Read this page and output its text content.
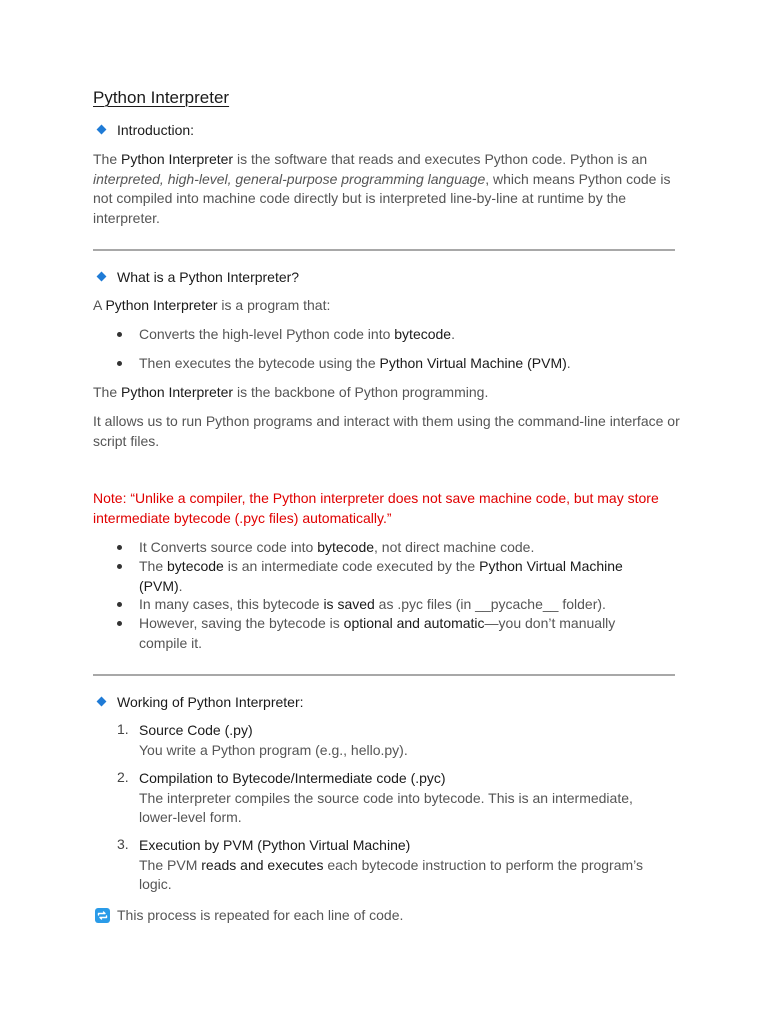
Python Interpreter
Introduction:
The Python Interpreter is the software that reads and executes Python code. Python is an interpreted, high-level, general-purpose programming language, which means Python code is not compiled into machine code directly but is interpreted line-by-line at runtime by the interpreter.
What is a Python Interpreter?
A Python Interpreter is a program that:
Converts the high-level Python code into bytecode.
Then executes the bytecode using the Python Virtual Machine (PVM).
The Python Interpreter is the backbone of Python programming.
It allows us to run Python programs and interact with them using the command-line interface or script files.
Note: “Unlike a compiler, the Python interpreter does not save machine code, but may store intermediate bytecode (.pyc files) automatically.”
It Converts source code into bytecode, not direct machine code.
The bytecode is an intermediate code executed by the Python Virtual Machine (PVM).
In many cases, this bytecode is saved as .pyc files (in __pycache__ folder).
However, saving the bytecode is optional and automatic—you don’t manually compile it.
Working of Python Interpreter:
1. Source Code (.py)
You write a Python program (e.g., hello.py).
2. Compilation to Bytecode/Intermediate code (.pyc)
The interpreter compiles the source code into bytecode. This is an intermediate, lower-level form.
3. Execution by PVM (Python Virtual Machine)
The PVM reads and executes each bytecode instruction to perform the program’s logic.
This process is repeated for each line of code.
